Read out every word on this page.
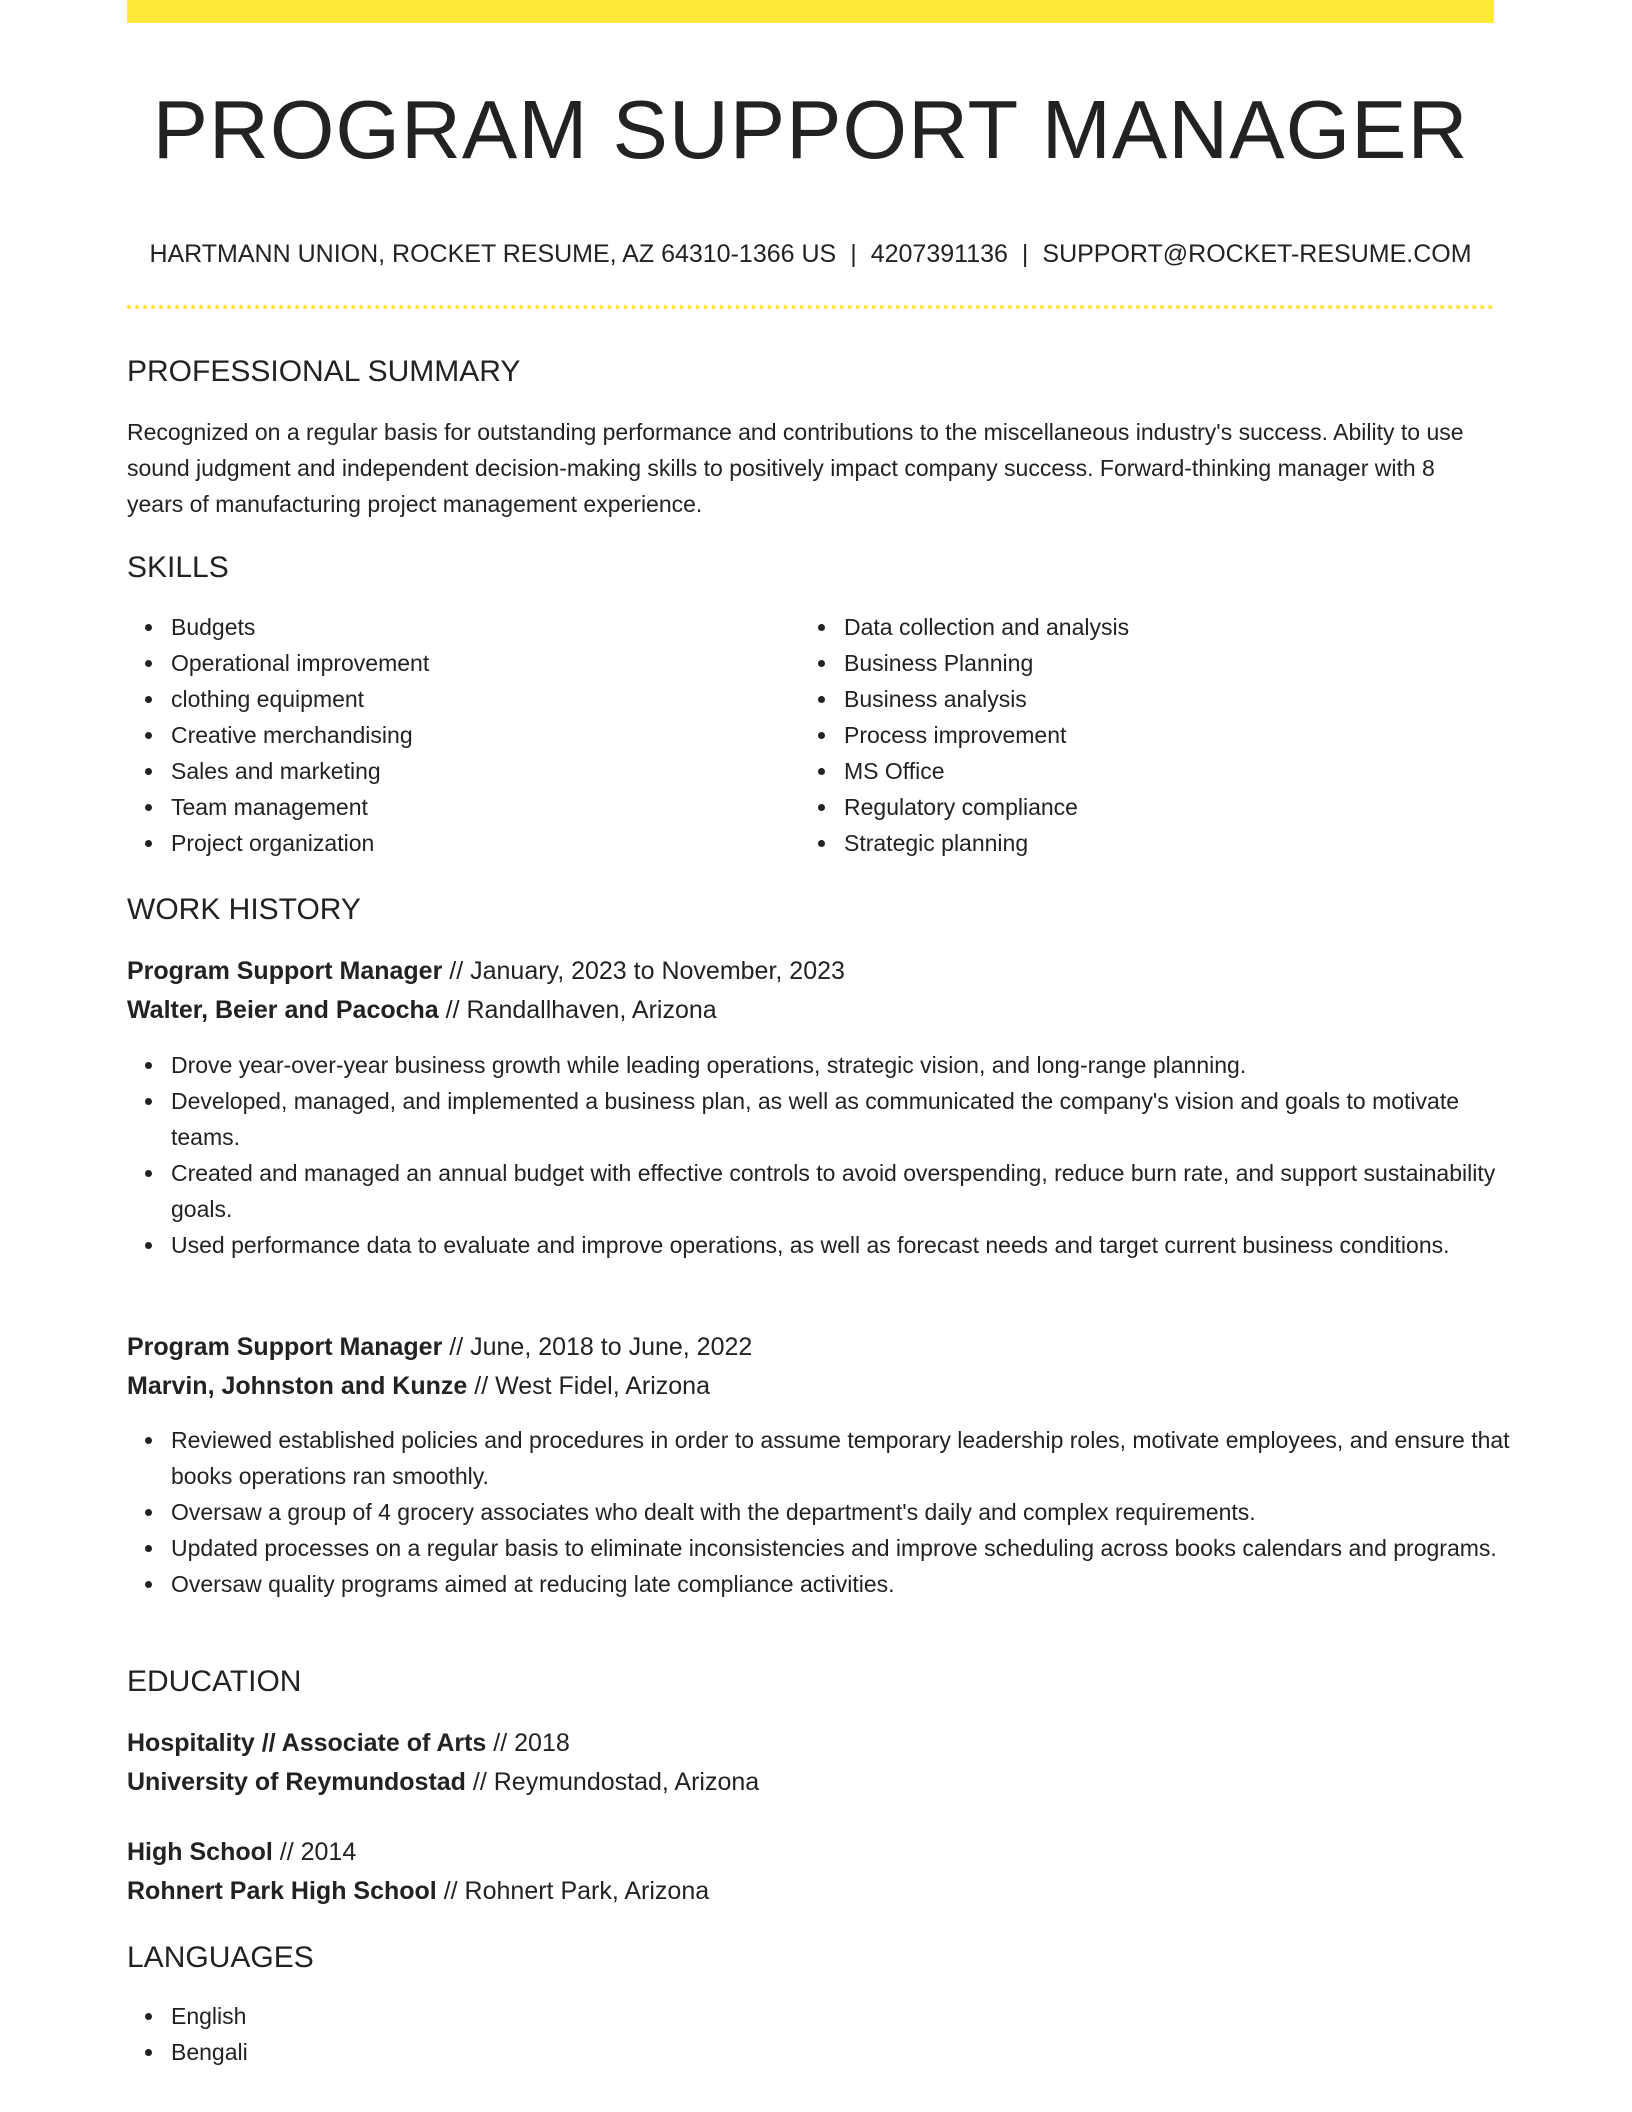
PROGRAM SUPPORT MANAGER
HARTMANN UNION, ROCKET RESUME, AZ 64310-1366 US | 4207391136 | SUPPORT@ROCKET-RESUME.COM
PROFESSIONAL SUMMARY
Recognized on a regular basis for outstanding performance and contributions to the miscellaneous industry's success. Ability to use sound judgment and independent decision-making skills to positively impact company success. Forward-thinking manager with 8 years of manufacturing project management experience.
SKILLS
Budgets
Operational improvement
clothing equipment
Creative merchandising
Sales and marketing
Team management
Project organization
Data collection and analysis
Business Planning
Business analysis
Process improvement
MS Office
Regulatory compliance
Strategic planning
WORK HISTORY
Program Support Manager // January, 2023 to November, 2023
Walter, Beier and Pacocha // Randallhaven, Arizona
Drove year-over-year business growth while leading operations, strategic vision, and long-range planning.
Developed, managed, and implemented a business plan, as well as communicated the company's vision and goals to motivate teams.
Created and managed an annual budget with effective controls to avoid overspending, reduce burn rate, and support sustainability goals.
Used performance data to evaluate and improve operations, as well as forecast needs and target current business conditions.
Program Support Manager // June, 2018 to June, 2022
Marvin, Johnston and Kunze // West Fidel, Arizona
Reviewed established policies and procedures in order to assume temporary leadership roles, motivate employees, and ensure that books operations ran smoothly.
Oversaw a group of 4 grocery associates who dealt with the department's daily and complex requirements.
Updated processes on a regular basis to eliminate inconsistencies and improve scheduling across books calendars and programs.
Oversaw quality programs aimed at reducing late compliance activities.
EDUCATION
Hospitality // Associate of Arts // 2018
University of Reymundostad // Reymundostad, Arizona
High School // 2014
Rohnert Park High School // Rohnert Park, Arizona
LANGUAGES
English
Bengali
